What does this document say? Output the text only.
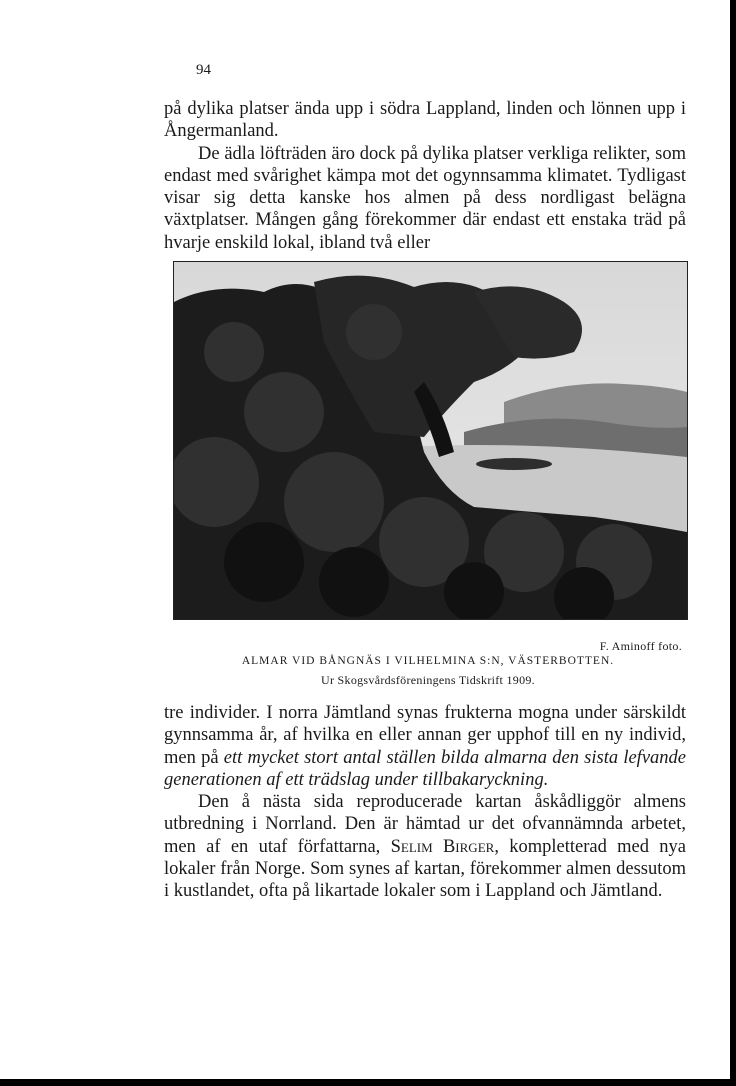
94

på dylika platser ända upp i södra Lappland, linden och lönnen upp i Ångermanland.

De ädla löfträden äro dock på dylika platser verkliga relikter, som endast med svårighet kämpa mot det ogynnsamma klimatet. Tydligast visar sig detta kanske hos almen på dess nordligast belägna växtplatser. Mången gång förekommer där endast ett enstaka träd på hvarje enskild lokal, ibland två eller

F. Aminoff foto.
ALMAR VID BÅNGNÄS I VILHELMINA S:N, VÄSTERBOTTEN.
Ur Skogsvårdsföreningens Tidskrift 1909.

tre individer. I norra Jämtland synas frukterna mogna under särskildt gynnsamma år, af hvilka en eller annan ger upphof till en ny individ, men på ett mycket stort antal ställen bilda almarna den sista lefvande generationen af ett trädslag under tillbakaryckning.

Den å nästa sida reproducerade kartan åskådliggör almens utbredning i Norrland. Den är hämtad ur det ofvannämnda arbetet, men af en utaf författarna, Selim Birger, kompletterad med nya lokaler från Norge. Som synes af kartan, förekommer almen dessutom i kustlandet, ofta på likartade lokaler som i Lappland och Jämtland.
